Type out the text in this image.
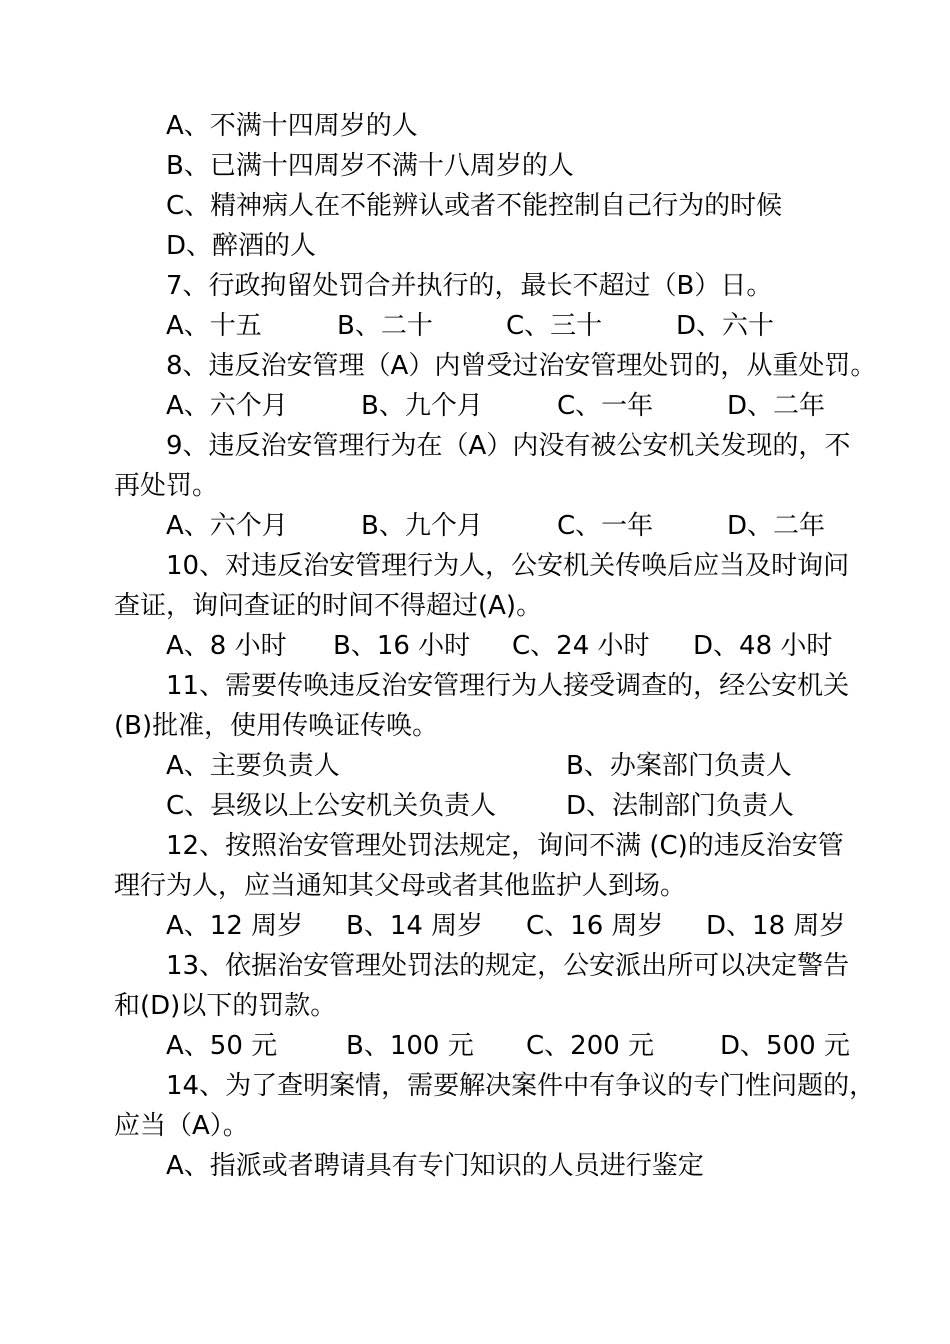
A、不满十四周岁的人
B、已满十四周岁不满十八周岁的人
C、精神病人在不能辨认或者不能控制自己行为的时候
D、醉酒的人
7、行政拘留处罚合并执行的，最长不超过（B）日。
A、十五	B、二十	C、三十	D、六十
8、违反治安管理（A）内曾受过治安管理处罚的，从重处罚。
A、六个月	B、九个月	C、一年	D、二年
9、违反治安管理行为在（A）内没有被公安机关发现的，不
再处罚。
A、六个月	B、九个月	C、一年	D、二年
10、对违反治安管理行为人，公安机关传唤后应当及时询问
查证，询问查证的时间不得超过(A)。
A、8 小时 B、16 小时 C、24 小时 D、48 小时
11、需要传唤违反治安管理行为人接受调查的，经公安机关
(B)批准，使用传唤证传唤。
A、主要负责人	B、办案部门负责人
C、县级以上公安机关负责人	D、法制部门负责人
12、按照治安管理处罚法规定，询问不满 (C)的违反治安管
理行为人，应当通知其父母或者其他监护人到场。
A、12 周岁 B、14 周岁 C、16 周岁 D、18 周岁
13、依据治安管理处罚法的规定，公安派出所可以决定警告
和(D)以下的罚款。
A、50 元	B、100 元 C、200 元	D、500 元
14、为了查明案情，需要解决案件中有争议的专门性问题的，
应当（A）。
A、指派或者聘请具有专门知识的人员进行鉴定
